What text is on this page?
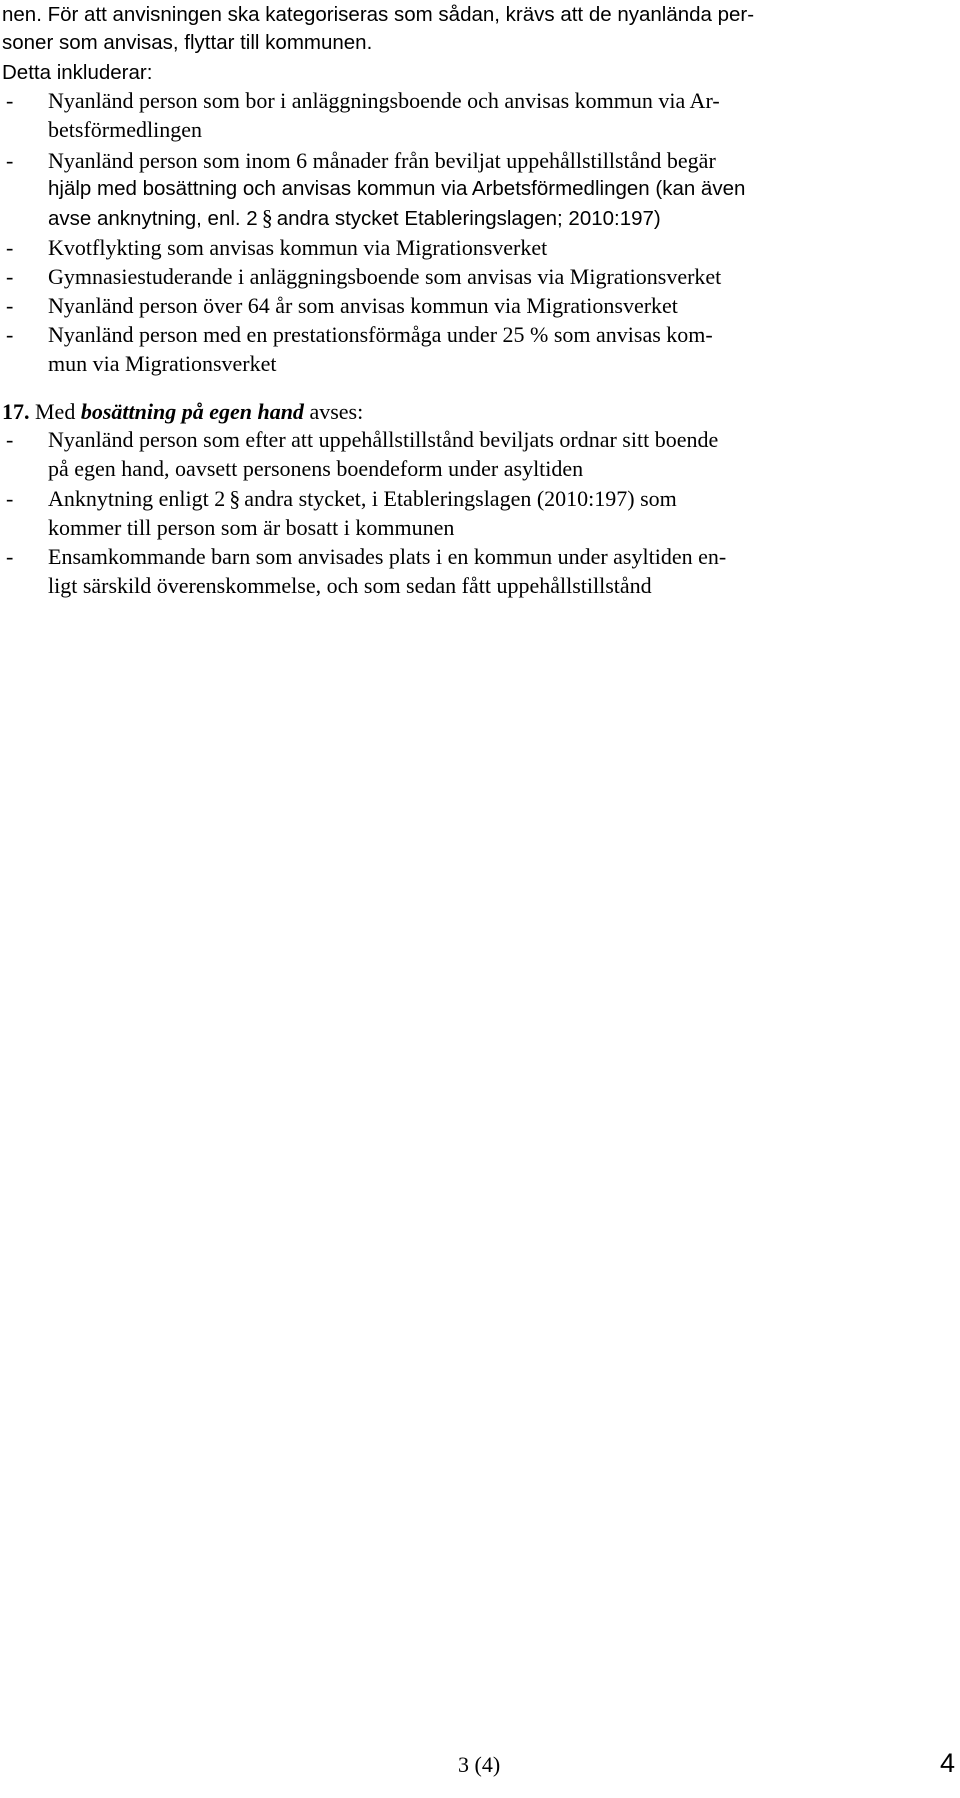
nen. För att anvisningen ska kategoriseras som sådan, krävs att de nyanlända per-
soner som anvisas, flyttar till kommunen.
Detta inkluderar:
- Nyanländ person som bor i anläggningsboende och anvisas kommun via Ar-
betsförmedlingen
- Nyanländ person som inom 6 månader från beviljat uppehållstillstånd begär
hjälp med bosättning och anvisas kommun via Arbetsförmedlingen (kan även
avse anknytning, enl. 2 § andra stycket Etableringslagen; 2010:197)
- Kvotflykting som anvisas kommun via Migrationsverket
- Gymnasiestuderande i anläggningsboende som anvisas via Migrationsverket
- Nyanländ person över 64 år som anvisas kommun via Migrationsverket
- Nyanländ person med en prestationsförmåga under 25 % som anvisas kom-
mun via Migrationsverket
17. Med bosättning på egen hand avses:
- Nyanländ person som efter att uppehållstillstånd beviljats ordnar sitt boende
på egen hand, oavsett personens boendeform under asyltiden
- Anknytning enligt 2 § andra stycket, i Etableringslagen (2010:197) som
kommer till person som är bosatt i kommunen
- Ensamkommande barn som anvisades plats i en kommun under asyltiden en-
ligt särskild överenskommelse, och som sedan fått uppehållstillstånd
3 (4)	4
